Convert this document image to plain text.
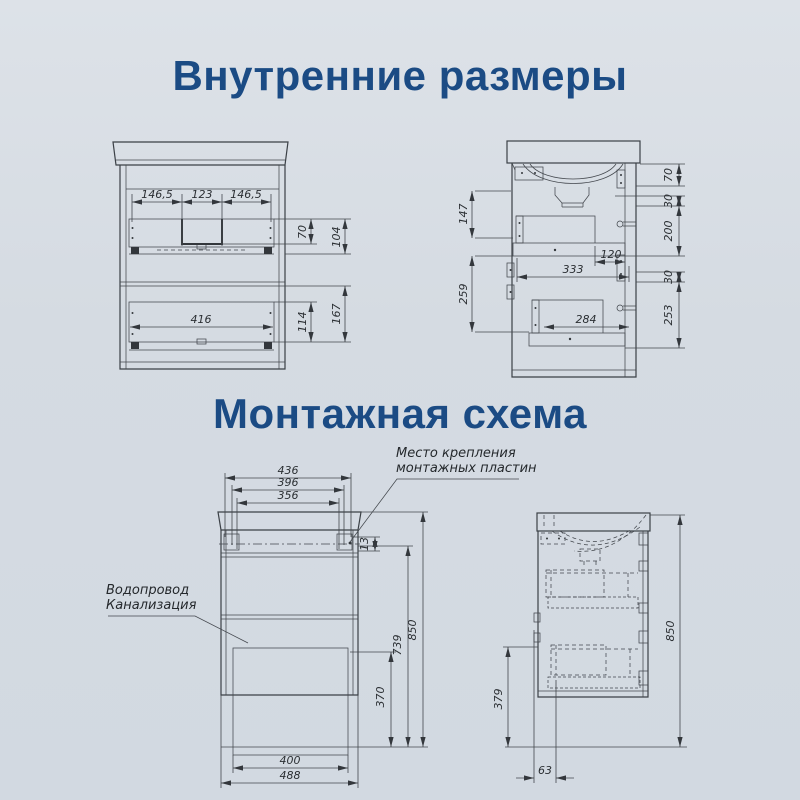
Внутренние размеры
Монтажная схема
146,5 123 146,5
70 104
416	114 167
120
333
284
147
259
70
30
200
30
253
436
396
356
13
370
739
850
400
488
850
379
63
Место крепления
монтажных пластин
Водопровод
Канализация
